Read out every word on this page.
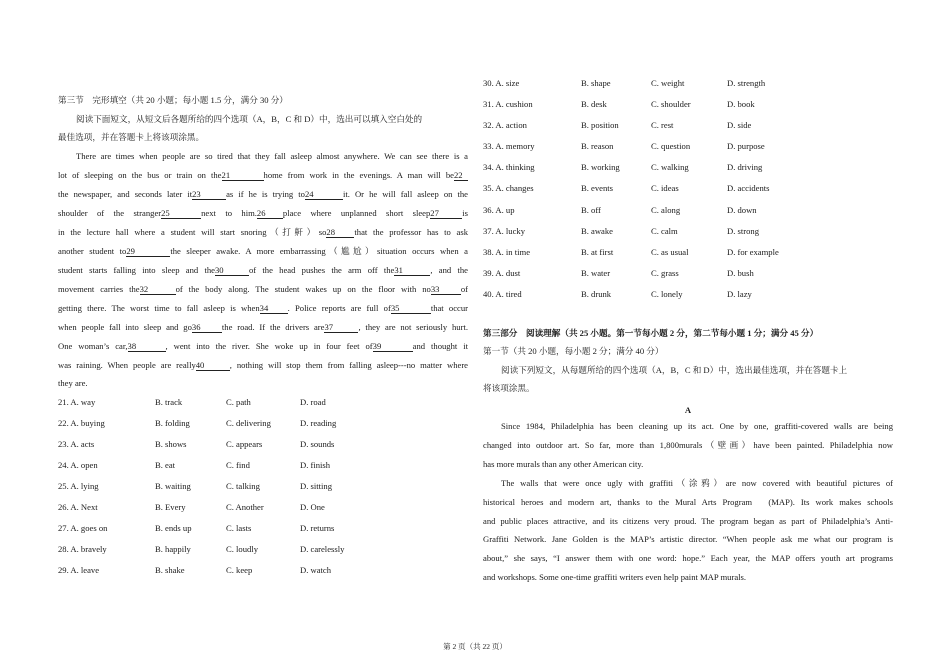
第三节　完形填空（共 20 小题；每小题 1.5 分，满分 30 分）
阅读下面短文，从短文后各题所给的四个选项（A，B，C 和 D）中，选出可以填入空白处的
最佳选项，并在答题卡上将该项涂黑。
There are times when people are so tired that they fall asleep almost anywhere. We can see there is a
lot of sleeping on the bus or train on the21	home from work in the evenings. A man will be22
the newspaper, and seconds later it23	as if he is trying to24	it. Or he will fall asleep on the
shoulder of the stranger25	next to him.26 place where unplanned short sleep27	is
in the lecture hall where a student will start snoring（打鼾）so28 that the professor has to ask
another student to29	the sleeper awake. A more embarrassing（尴尬）situation occurs when a
student starts falling into sleep and the30	of the head pushes the arm off the31	, and the
movement carries the32	of the body along. The student wakes up on the floor with no33 of
getting there. The worst time to fall asleep is when34 . Police reports are full of35	that occur
when people fall into sleep and go36 the road. If the drivers are37	, they are not seriously hurt.
One woman’s car,38	, went into the river. She woke up in four feet of39	and thought it
was raining. When people are really40	, nothing will stop them from falling asleep---no matter where
they are.
21. A. way	B. track	C. path	D. road
22. A. buying	B. folding	C. delivering	D. reading
23. A. acts	B. shows	C. appears	D. sounds
24. A. open	B. eat	C. find	D. finish
25. A. lying	B. waiting	C. talking	D. sitting
26. A. Next	B. Every	C. Another	D. One
27. A. goes on	B. ends up	C. lasts	D. returns
28. A. bravely	B. happily	C. loudly	D. carelessly
29. A. leave	B. shake	C. keep	D. watch
30. A. size	B. shape	C. weight	D. strength
31. A. cushion	B. desk	C. shoulder	D. book
32. A. action	B. position	C. rest	D. side
33. A. memory	B. reason	C. question	D. purpose
34. A. thinking	B. working	C. walking	D. driving
35. A. changes	B. events	C. ideas	D. accidents
36. A. up	B. off	C. along	D. down
37. A. lucky	B. awake	C. calm	D. strong
38. A. in time	B. at first	C. as usual	D. for example
39. A. dust	B. water	C. grass	D. bush
40. A. tired	B. drunk	C. lonely	D. lazy
第三部分　阅读理解（共 25 小题。第一节每小题 2 分，第二节每小题 1 分；满分 45 分）
第一节（共 20 小题，每小题 2 分；满分 40 分）
阅读下列短文，从每题所给的四个选项（A，B，C 和 D）中，选出最佳选项，并在答题卡上
将该项涂黑。
A
Since 1984, Philadelphia has been cleaning up its act. One by one, graffiti-covered walls are being
changed into outdoor art. So far, more than 1,800murals（壁画）have been painted. Philadelphia now
has more murals than any other American city.
The walls that were once ugly with graffiti（涂鸦）are now covered with beautiful pictures of
historical heroes and modern art, thanks to the Mural Arts Program　(MAP). Its work makes schools
and public places attractive, and its citizens very proud. The program began as part of Philadelphia’s Anti-
Graffiti Network. Jane Golden is the MAP’s artistic director. “When people ask me what our program is
about,” she says, “I answer them with one word: hope.” Each year, the MAP offers youth art programs
and workshops. Some one-time graffiti writers even help paint MAP murals.
第 2 页（共 22 页）
